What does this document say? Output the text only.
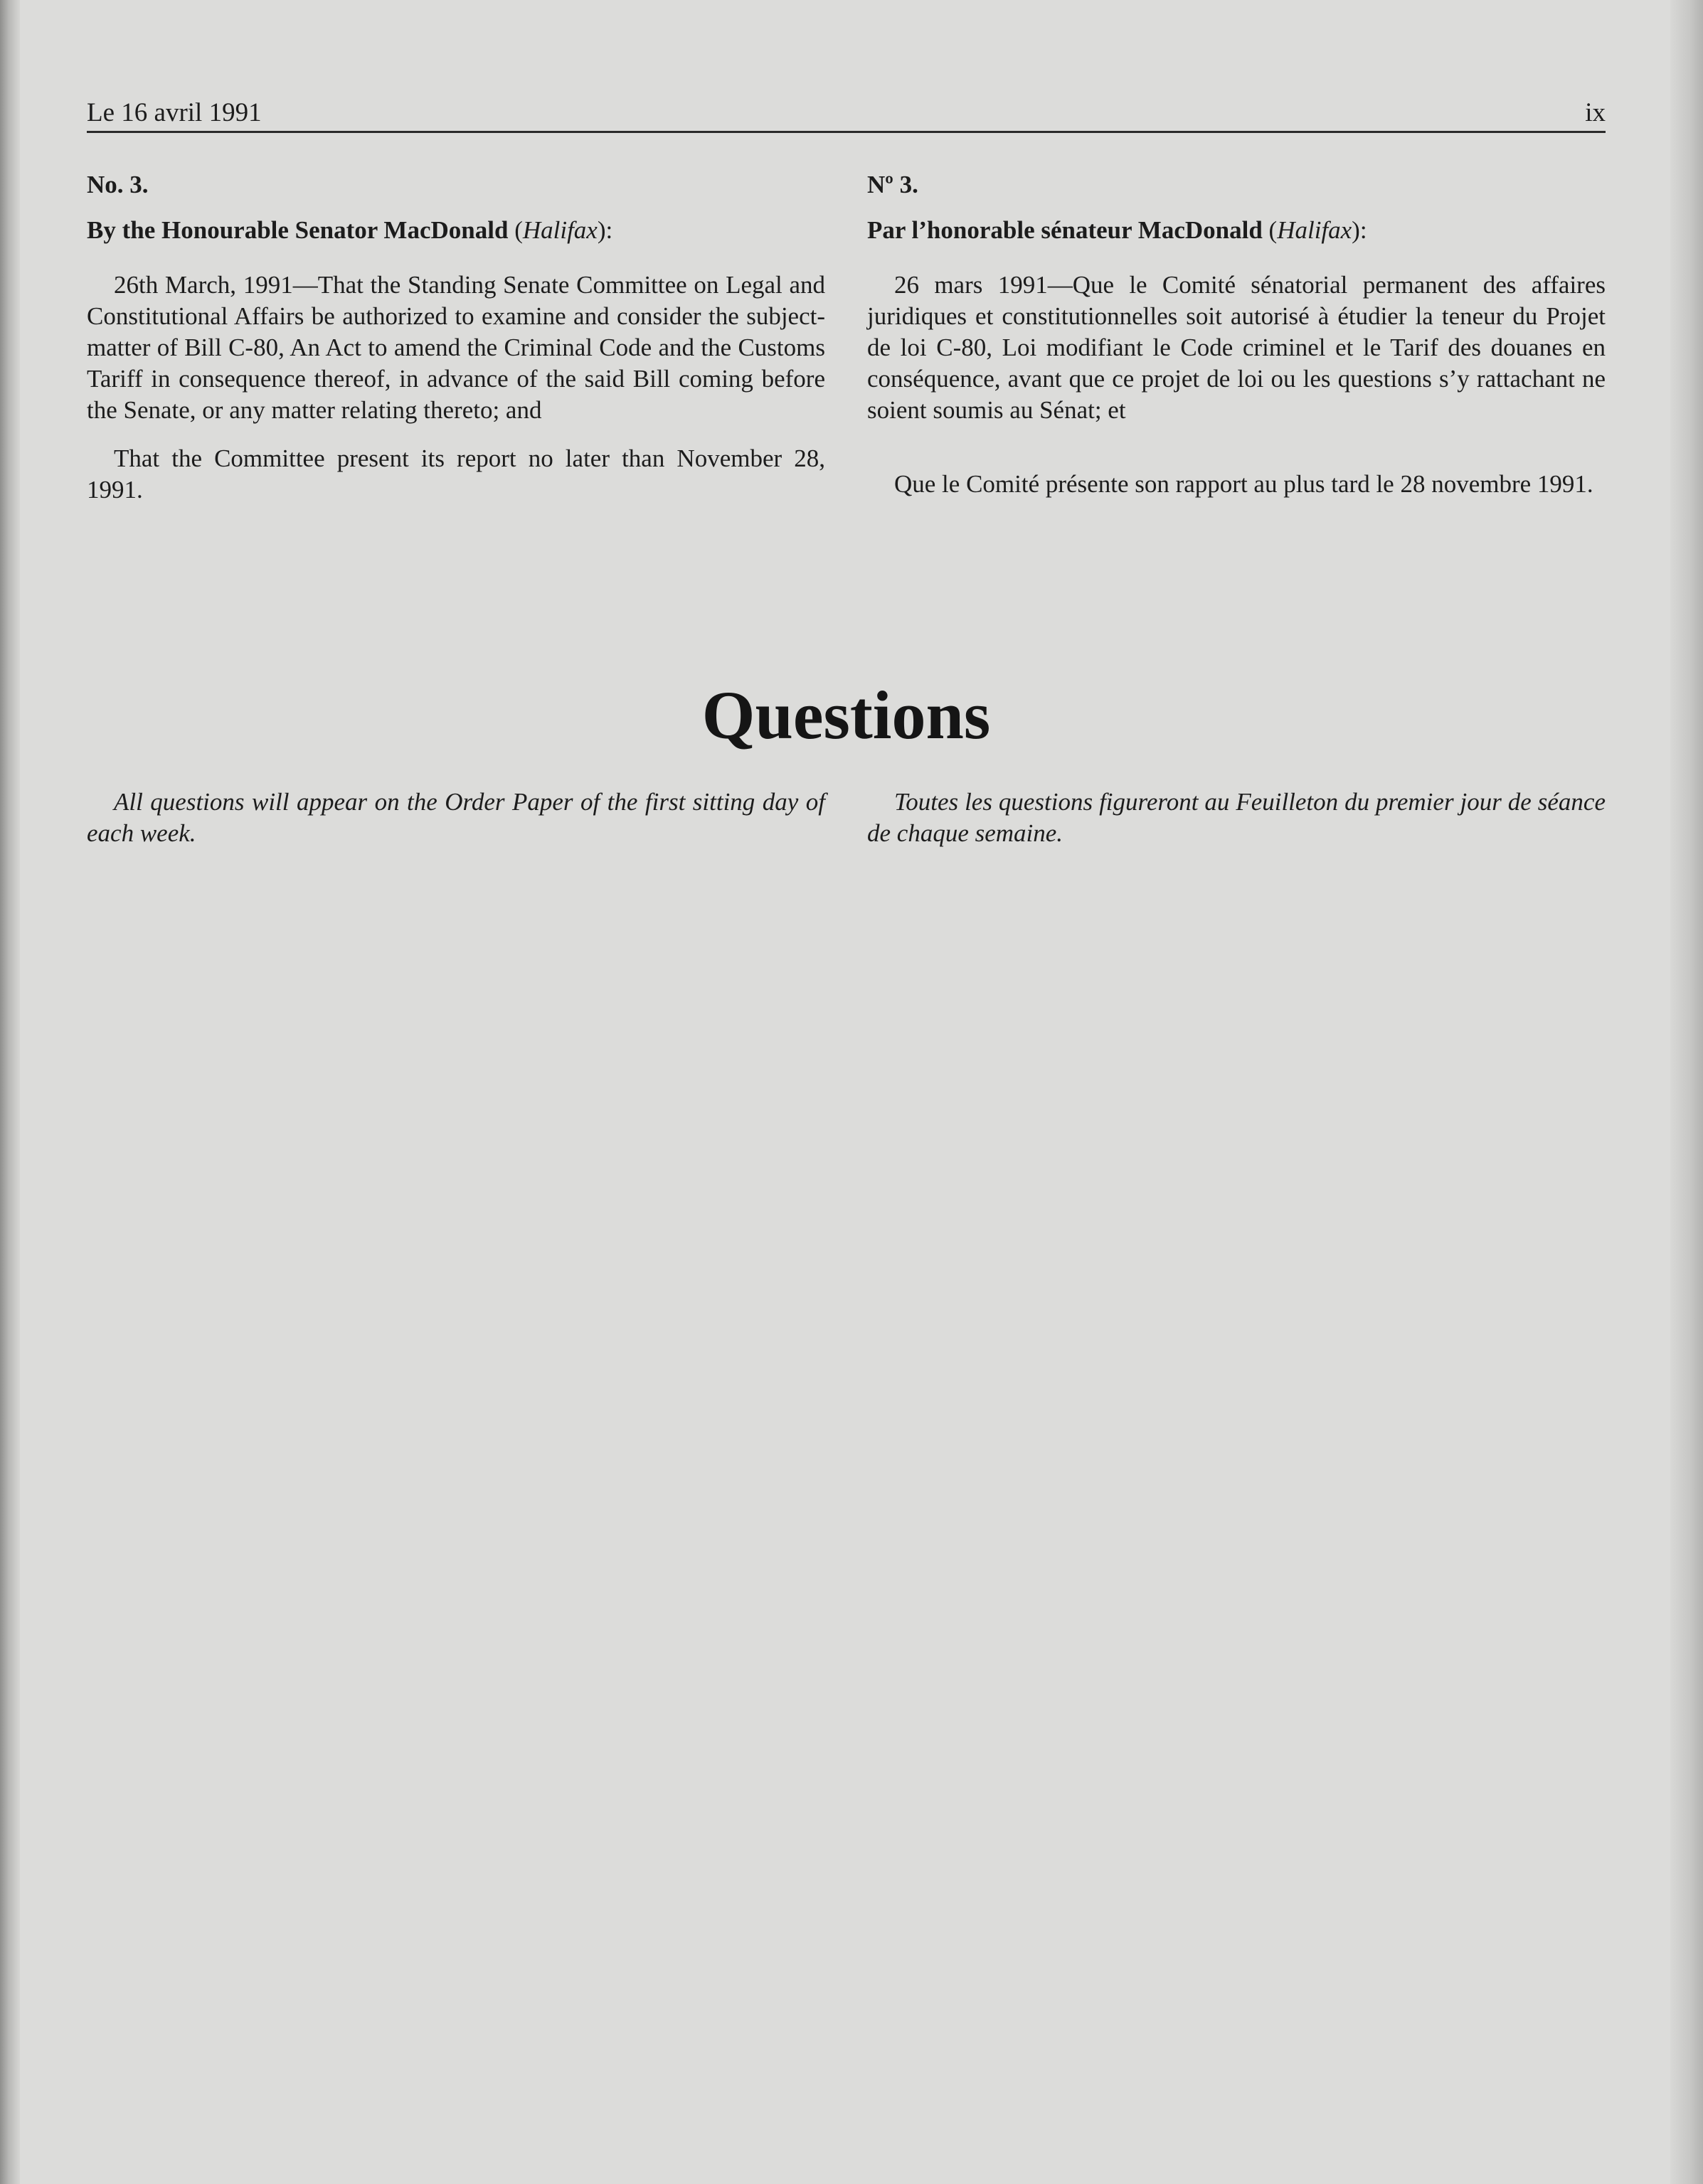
Le 16 avril 1991	ix

No. 3.

By the Honourable Senator MacDonald (Halifax):

26th March, 1991—That the Standing Senate Committee on Legal and Constitutional Affairs be authorized to examine and consider the subject-matter of Bill C-80, An Act to amend the Criminal Code and the Customs Tariff in consequence thereof, in advance of the said Bill coming before the Senate, or any matter relating thereto; and

That the Committee present its report no later than November 28, 1991.

Nº 3.

Par l’honorable sénateur MacDonald (Halifax):

26 mars 1991—Que le Comité sénatorial permanent des affaires juridiques et constitutionnelles soit autorisé à étudier la teneur du Projet de loi C-80, Loi modifiant le Code criminel et le Tarif des douanes en conséquence, avant que ce projet de loi ou les questions s’y rattachant ne soient soumis au Sénat; et

Que le Comité présente son rapport au plus tard le 28 novembre 1991.

Questions

All questions will appear on the Order Paper of the first sitting day of each week.

Toutes les questions figureront au Feuilleton du premier jour de séance de chaque semaine.
